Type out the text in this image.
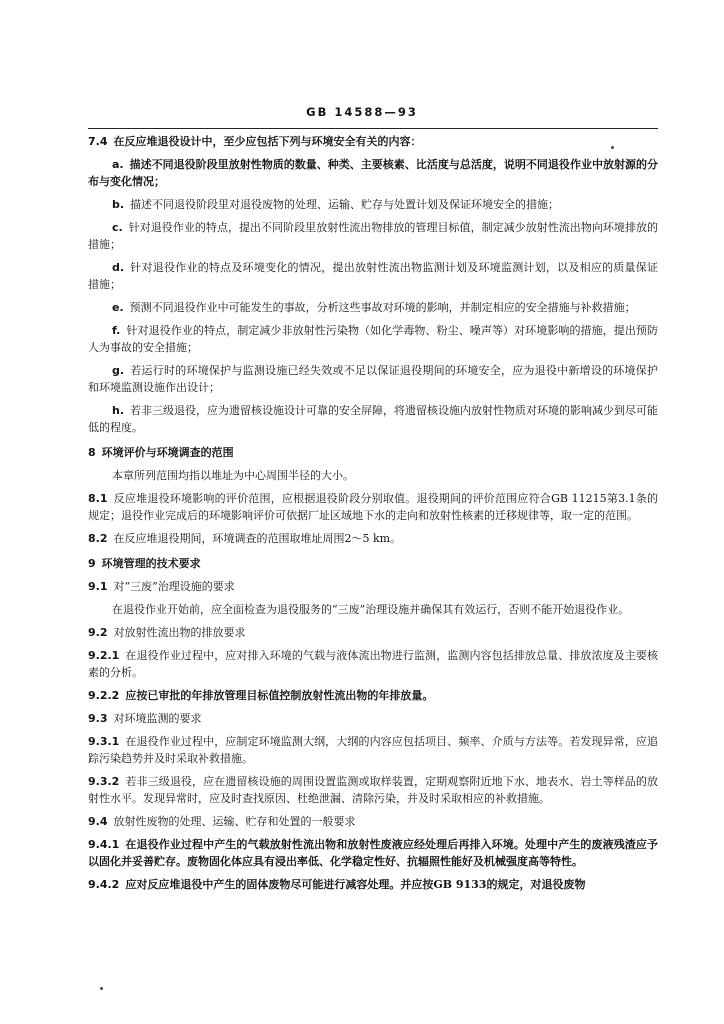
GB 14588—93
7.4 在反应堆退役设计中，至少应包括下列与环境安全有关的内容：
a. 描述不同退役阶段里放射性物质的数量、种类、主要核素、比活度与总活度，说明不同退役作业中放射源的分布与变化情况；
b. 描述不同退役阶段里对退役废物的处理、运输、贮存与处置计划及保证环境安全的措施；
c. 针对退役作业的特点，提出不同阶段里放射性流出物排放的管理目标值，制定减少放射性流出物向环境排放的措施；
d. 针对退役作业的特点及环境变化的情况，提出放射性流出物监测计划及环境监测计划，以及相应的质量保证措施；
e. 预测不同退役作业中可能发生的事故，分析这些事故对环境的影响，并制定相应的安全措施与补救措施；
f. 针对退役作业的特点，制定减少非放射性污染物（如化学毒物、粉尘、噪声等）对环境影响的措施，提出预防人为事故的安全措施；
g. 若运行时的环境保护与监测设施已经失效或不足以保证退役期间的环境安全，应为退役中新增设的环境保护和环境监测设施作出设计；
h. 若非三级退役，应为遗留核设施设计可靠的安全屏障，将遗留核设施内放射性物质对环境的影响减少到尽可能低的程度。
8 环境评价与环境调查的范围
本章所列范围均指以堆址为中心周围半径的大小。
8.1 反应堆退役环境影响的评价范围，应根据退役阶段分别取值。退役期间的评价范围应符合GB 11215第3.1条的规定；退役作业完成后的环境影响评价可依据厂址区域地下水的走向和放射性核素的迁移规律等，取一定的范围。
8.2 在反应堆退役期间，环境调查的范围取堆址周围2～5 km。
9 环境管理的技术要求
9.1 对“三废”治理设施的要求
在退役作业开始前，应全面检查为退役服务的“三废”治理设施并确保其有效运行，否则不能开始退役作业。
9.2 对放射性流出物的排放要求
9.2.1 在退役作业过程中，应对排入环境的气载与液体流出物进行监测，监测内容包括排放总量、排放浓度及主要核素的分析。
9.2.2 应按已审批的年排放管理目标值控制放射性流出物的年排放量。
9.3 对环境监测的要求
9.3.1 在退役作业过程中，应制定环境监测大纲，大纲的内容应包括项目、频率、介质与方法等。若发现异常，应追踪污染趋势并及时采取补救措施。
9.3.2 若非三级退役，应在遗留核设施的周围设置监测或取样装置，定期观察附近地下水、地表水、岩土等样品的放射性水平。发现异常时，应及时查找原因、杜绝泄漏、清除污染，并及时采取相应的补救措施。
9.4 放射性废物的处理、运输、贮存和处置的一般要求
9.4.1 在退役作业过程中产生的气载放射性流出物和放射性废液应经处理后再排入环境。处理中产生的废液残渣应予以固化并妥善贮存。废物固化体应具有浸出率低、化学稳定性好、抗辐照性能好及机械强度高等特性。
9.4.2 应对反应堆退役中产生的固体废物尽可能进行减容处理。并应按GB 9133的规定，对退役废物
